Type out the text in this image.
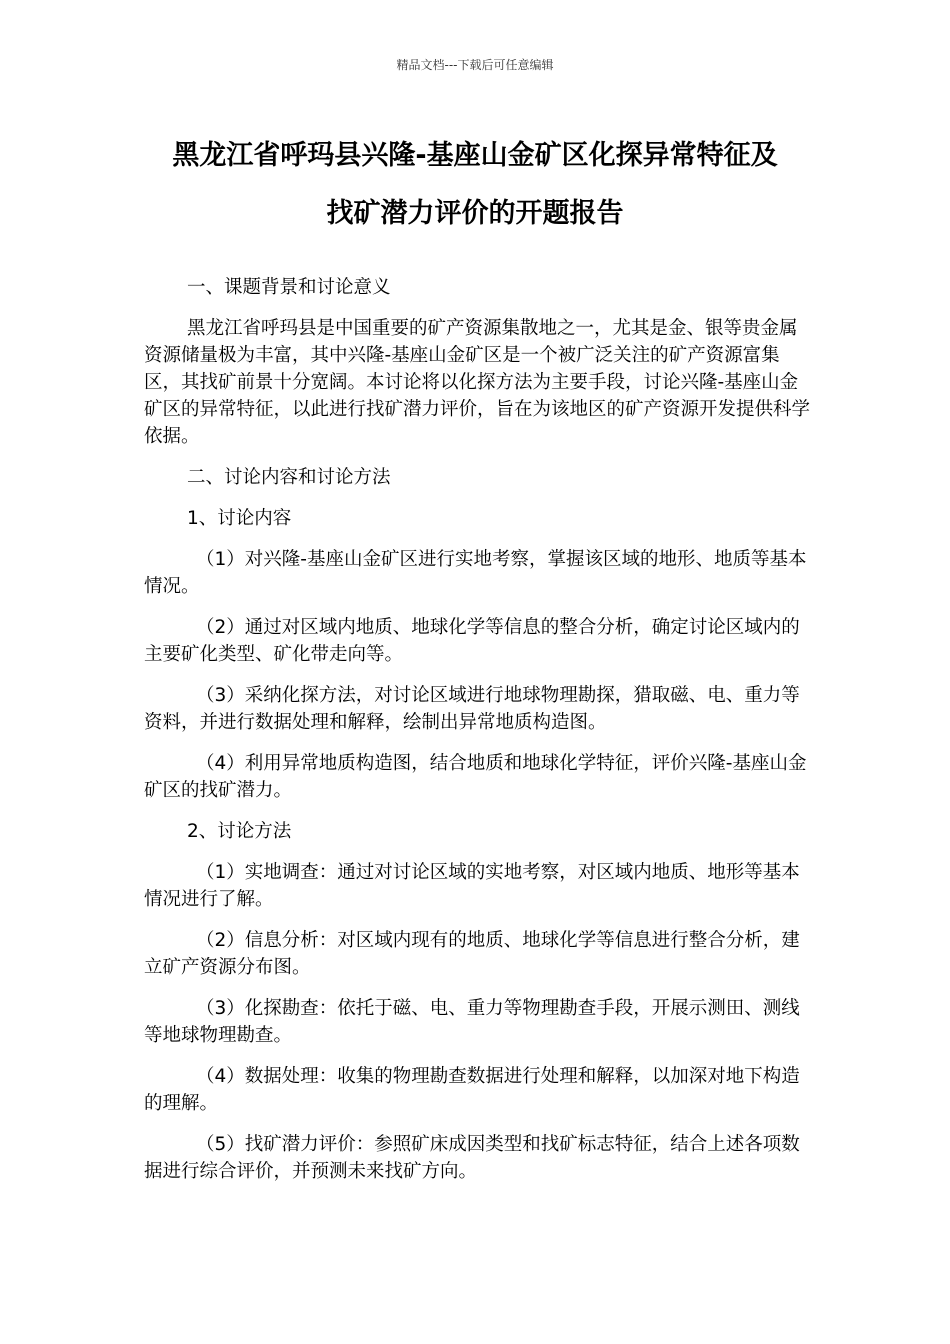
精品文档---下载后可任意编辑
黑龙江省呼玛县兴隆-基座山金矿区化探异常特征及
找矿潜力评价的开题报告

一、课题背景和讨论意义

黑龙江省呼玛县是中国重要的矿产资源集散地之一，尤其是金、银等贵金属资源储量极为丰富，其中兴隆-基座山金矿区是一个被广泛关注的矿产资源富集区，其找矿前景十分宽阔。本讨论将以化探方法为主要手段，讨论兴隆-基座山金矿区的异常特征，以此进行找矿潜力评价，旨在为该地区的矿产资源开发提供科学依据。

二、讨论内容和讨论方法

1、讨论内容

（1）对兴隆-基座山金矿区进行实地考察，掌握该区域的地形、地质等基本情况。

（2）通过对区域内地质、地球化学等信息的整合分析，确定讨论区域内的主要矿化类型、矿化带走向等。

（3）采纳化探方法，对讨论区域进行地球物理勘探，猎取磁、电、重力等资料，并进行数据处理和解释，绘制出异常地质构造图。

（4）利用异常地质构造图，结合地质和地球化学特征，评价兴隆-基座山金矿区的找矿潜力。

2、讨论方法

（1）实地调查：通过对讨论区域的实地考察，对区域内地质、地形等基本情况进行了解。

（2）信息分析：对区域内现有的地质、地球化学等信息进行整合分析，建立矿产资源分布图。

（3）化探勘查：依托于磁、电、重力等物理勘查手段，开展示测田、测线等地球物理勘查。

（4）数据处理：收集的物理勘查数据进行处理和解释，以加深对地下构造的理解。

（5）找矿潜力评价：参照矿床成因类型和找矿标志特征，结合上述各项数据进行综合评价，并预测未来找矿方向。
